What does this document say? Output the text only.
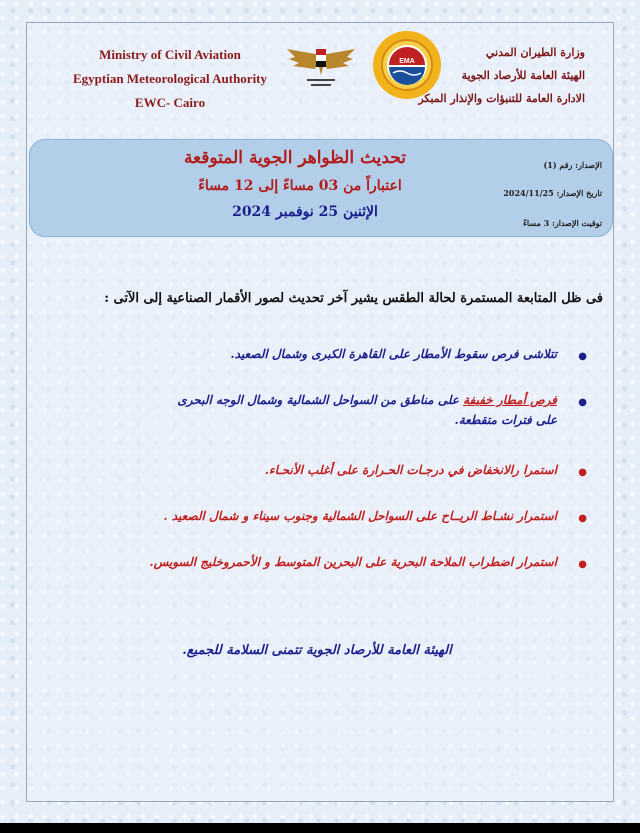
Ministry of Civil Aviation
Egyptian Meteorological Authority
EWC- Cairo
EMA
وزارة الطيران المدني
الهيئة العامة للأرصاد الجوية
الادارة العامة للتنبؤات والإنذار المبكر
تحديث الظواهر الجوية المتوقعة
اعتباراً من 03 مساءً إلى 12 مساءً
الإثنين 25 نوفمبر 2024
الإصدار: رقم (1)
تاريخ الإصدار: 2024/11/25
توقيت الإصدار: 3 مساءً
فى ظل المتابعة المستمرة لحالة الطقس يشير آخر تحديث لصور الأقمار الصناعية إلى الآتى :
●
تتلاشى فرص سقوط الأمطار على القاهرة الكبرى وشمال الصعيد.
●
فرص أمطار خفيفة على مناطق من السواحل الشمالية وشمال الوجه البحرى
على فترات متقطعة.
●
استمرا رالانخفاض في درجـات الحـرارة على أغلب الأنحـاء.
●
استمرار نشـاط الريــاح على السواحل الشمالية وجنوب سيناء و شمال الصعيد .
●
استمرار اضطراب الملاحة البحرية على البحرين المتوسط و الأحمروخليج السويس.
الهيئة العامة للأرصاد الجوية تتمنى السلامة للجميع.
